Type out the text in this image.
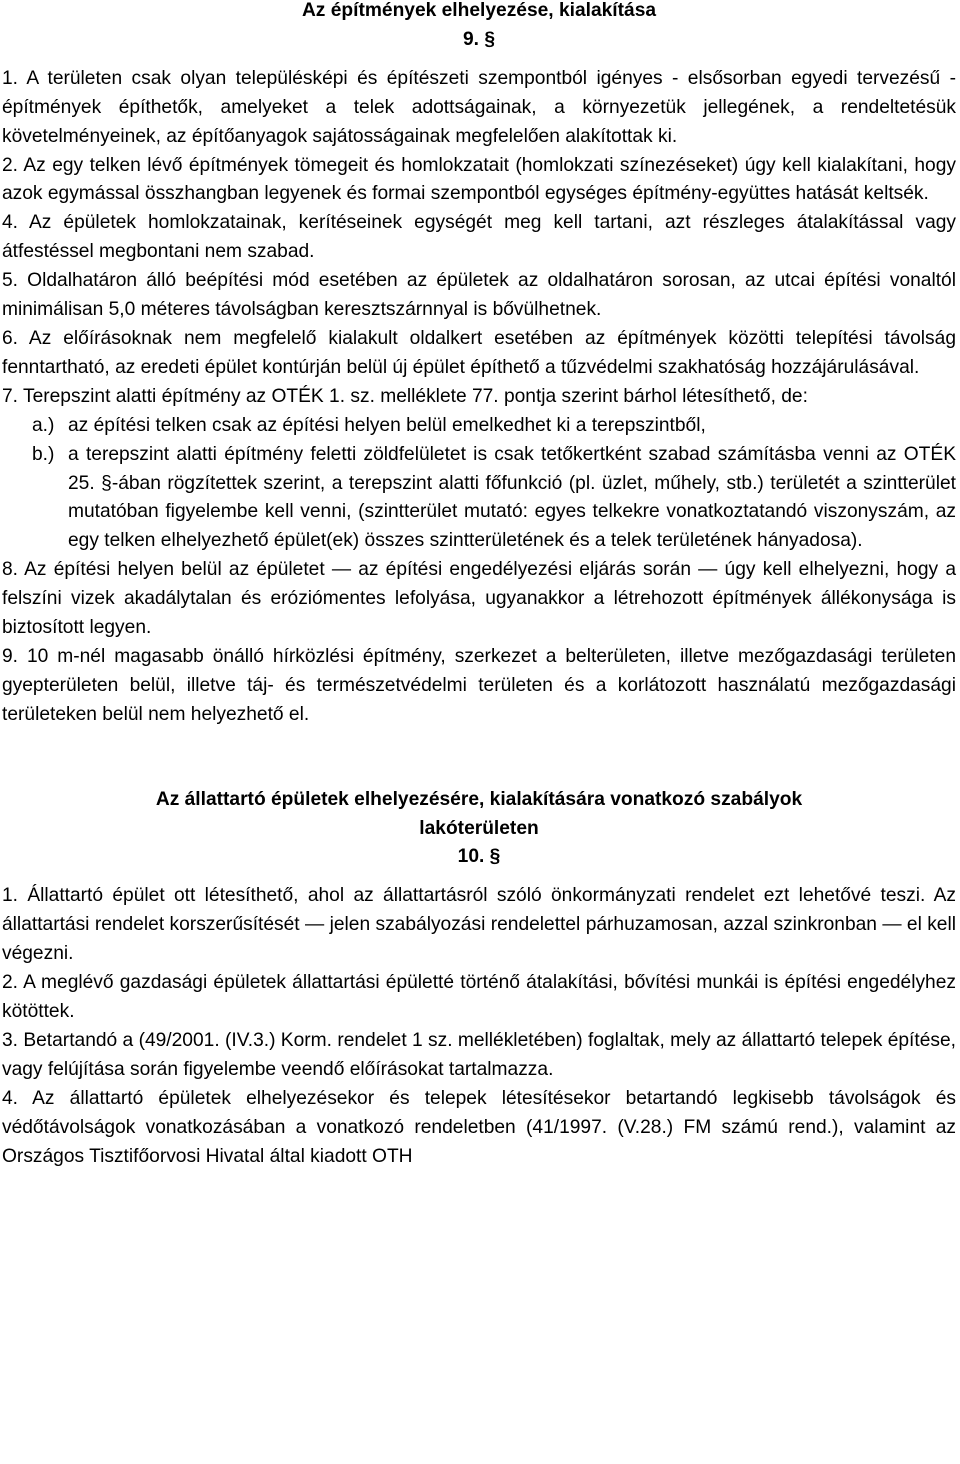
Az építmények elhelyezése, kialakítása
9. §
1. A területen csak olyan településképi és építészeti szempontból igényes - elsősorban egyedi tervezésű - építmények építhetők, amelyeket a telek adottságainak, a környezetük jellegének, a rendeltetésük követelményeinek, az építőanyagok sajátosságainak megfelelően alakítottak ki.
2. Az egy telken lévő építmények tömegeit és homlokzatait (homlokzati színezéseket) úgy kell kialakítani, hogy azok egymással összhangban legyenek és formai szempontból egységes építmény-együttes hatását keltsék.
4. Az épületek homlokzatainak, kerítéseinek egységét meg kell tartani, azt részleges átalakítással vagy átfestéssel megbontani nem szabad.
5. Oldalhatáron álló beépítési mód esetében az épületek az oldalhatáron sorosan, az utcai építési vonaltól minimálisan 5,0 méteres távolságban keresztszárnnyal is bővülhetnek.
6. Az előírásoknak nem megfelelő kialakult oldalkert esetében az építmények közötti telepítési távolság fenntartható, az eredeti épület kontúrján belül új épület építhető a tűzvédelmi szakhatóság hozzájárulásával.
7. Terepszint alatti építmény az OTÉK 1. sz. melléklete 77. pontja szerint bárhol létesíthető, de:
a.) az építési telken csak az építési helyen belül emelkedhet ki a terepszintből,
b.) a terepszint alatti építmény feletti zöldfelületet is csak tetőkertként szabad számításba venni az OTÉK 25. §-ában rögzítettek szerint, a terepszint alatti főfunkció (pl. üzlet, műhely, stb.) területét a szintterület mutatóban figyelembe kell venni, (szintterület mutató: egyes telkekre vonatkoztatandó viszonyszám, az egy telken elhelyezhető épület(ek) összes szintterületének és a telek területének hányadosa).
8. Az építési helyen belül az épületet — az építési engedélyezési eljárás során — úgy kell elhelyezni, hogy a felszíni vizek akadálytalan és eróziómentes lefolyása, ugyanakkor a létrehozott építmények állékonysága is biztosított legyen.
9. 10 m-nél magasabb önálló hírközlési építmény, szerkezet a belterületen, illetve mezőgazdasági területen gyepterületen belül, illetve táj- és természetvédelmi területen és a korlátozott használatú mezőgazdasági területeken belül nem helyezhető el.
Az állattartó épületek elhelyezésére, kialakítására vonatkozó szabályok
lakóterületen
10. §
1. Állattartó épület ott létesíthető, ahol az állattartásról szóló önkormányzati rendelet ezt lehetővé teszi. Az állattartási rendelet korszerűsítését — jelen szabályozási rendelettel párhuzamosan, azzal szinkronban — el kell végezni.
2. A meglévő gazdasági épületek állattartási épületté történő átalakítási, bővítési munkái is építési engedélyhez kötöttek.
3. Betartandó a (49/2001. (IV.3.) Korm. rendelet 1 sz. mellékletében) foglaltak, mely az állattartó telepek építése, vagy felújítása során figyelembe veendő előírásokat tartalmazza.
4. Az állattartó épületek elhelyezésekor és telepek létesítésekor betartandó legkisebb távolságok és védőtávolságok vonatkozásában a vonatkozó rendeletben (41/1997. (V.28.) FM számú rend.), valamint az Országos Tisztifőorvosi Hivatal által kiadott OTH
